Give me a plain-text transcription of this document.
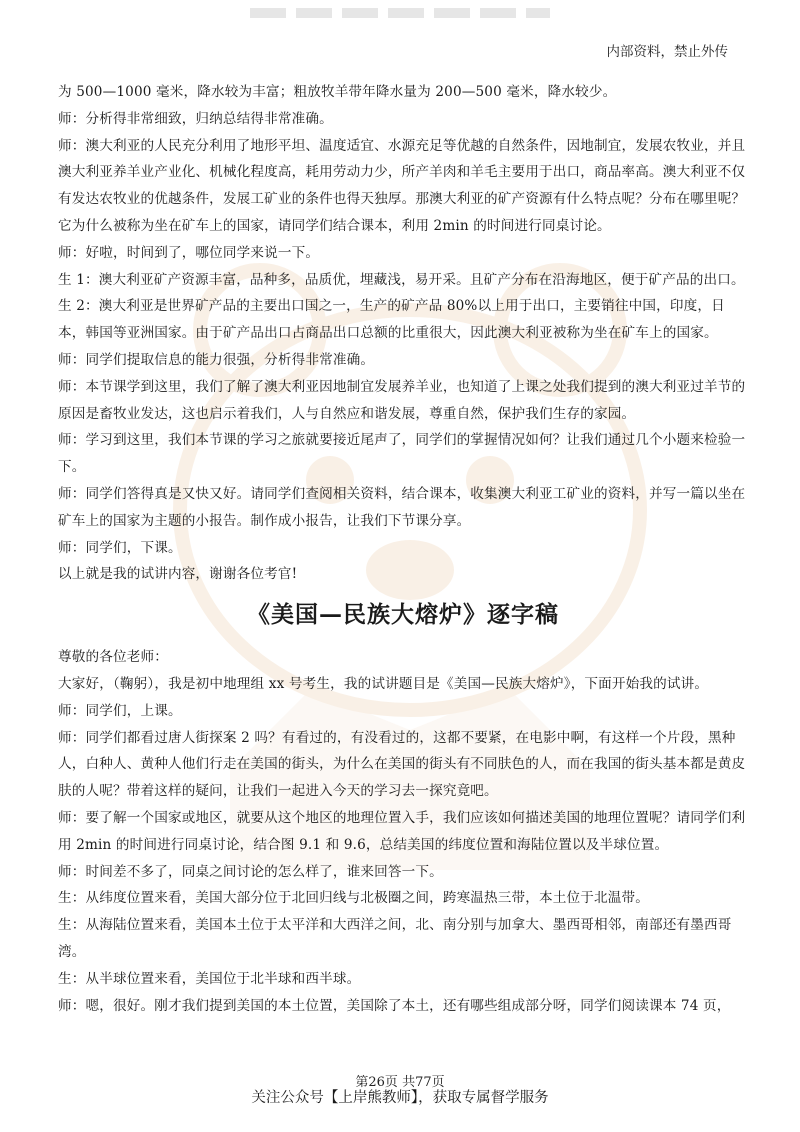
内部资料，禁止外传

为 500—1000 毫米，降水较为丰富；粗放牧羊带年降水量为 200—500 毫米，降水较少。

师：分析得非常细致，归纳总结得非常准确。

师：澳大利亚的人民充分利用了地形平坦、温度适宜、水源充足等优越的自然条件，因地制宜，发展农牧业，并且澳大利亚养羊业产业化、机械化程度高，耗用劳动力少，所产羊肉和羊毛主要用于出口，商品率高。澳大利亚不仅有发达农牧业的优越条件，发展工矿业的条件也得天独厚。那澳大利亚的矿产资源有什么特点呢？分布在哪里呢？它为什么被称为坐在矿车上的国家，请同学们结合课本，利用 2min 的时间进行同桌讨论。

师：好啦，时间到了，哪位同学来说一下。

生 1：澳大利亚矿产资源丰富，品种多，品质优，埋藏浅，易开采。且矿产分布在沿海地区，便于矿产品的出口。

生 2：澳大利亚是世界矿产品的主要出口国之一，生产的矿产品 80%以上用于出口，主要销往中国，印度，日本，韩国等亚洲国家。由于矿产品出口占商品出口总额的比重很大，因此澳大利亚被称为坐在矿车上的国家。

师：同学们提取信息的能力很强，分析得非常准确。

师：本节课学到这里，我们了解了澳大利亚因地制宜发展养羊业，也知道了上课之处我们提到的澳大利亚过羊节的原因是畜牧业发达，这也启示着我们，人与自然应和谐发展，尊重自然，保护我们生存的家园。

师：学习到这里，我们本节课的学习之旅就要接近尾声了，同学们的掌握情况如何？让我们通过几个小题来检验一下。

师：同学们答得真是又快又好。请同学们查阅相关资料，结合课本，收集澳大利亚工矿业的资料，并写一篇以坐在矿车上的国家为主题的小报告。制作成小报告，让我们下节课分享。

师：同学们，下课。

以上就是我的试讲内容，谢谢各位考官!

《美国—民族大熔炉》逐字稿

尊敬的各位老师：

大家好，（鞠躬），我是初中地理组 xx 号考生，我的试讲题目是《美国—民族大熔炉》，下面开始我的试讲。

师：同学们，上课。

师：同学们都看过唐人街探案 2 吗？有看过的，有没看过的，这都不要紧，在电影中啊，有这样一个片段，黑种人，白种人、黄种人他们行走在美国的街头，为什么在美国的街头有不同肤色的人，而在我国的街头基本都是黄皮肤的人呢？带着这样的疑问，让我们一起进入今天的学习去一探究竟吧。

师：要了解一个国家或地区，就要从这个地区的地理位置入手，我们应该如何描述美国的地理位置呢？请同学们利用 2min 的时间进行同桌讨论，结合图 9.1 和 9.6，总结美国的纬度位置和海陆位置以及半球位置。

师：时间差不多了，同桌之间讨论的怎么样了，谁来回答一下。

生：从纬度位置来看，美国大部分位于北回归线与北极圈之间，跨寒温热三带，本土位于北温带。

生：从海陆位置来看，美国本土位于太平洋和大西洋之间，北、南分别与加拿大、墨西哥相邻，南部还有墨西哥湾。

生：从半球位置来看，美国位于北半球和西半球。

师：嗯，很好。刚才我们提到美国的本土位置，美国除了本土，还有哪些组成部分呀，同学们阅读课本 74 页，

第26页 共77页
关注公众号【上岸熊教师】，获取专属督学服务
